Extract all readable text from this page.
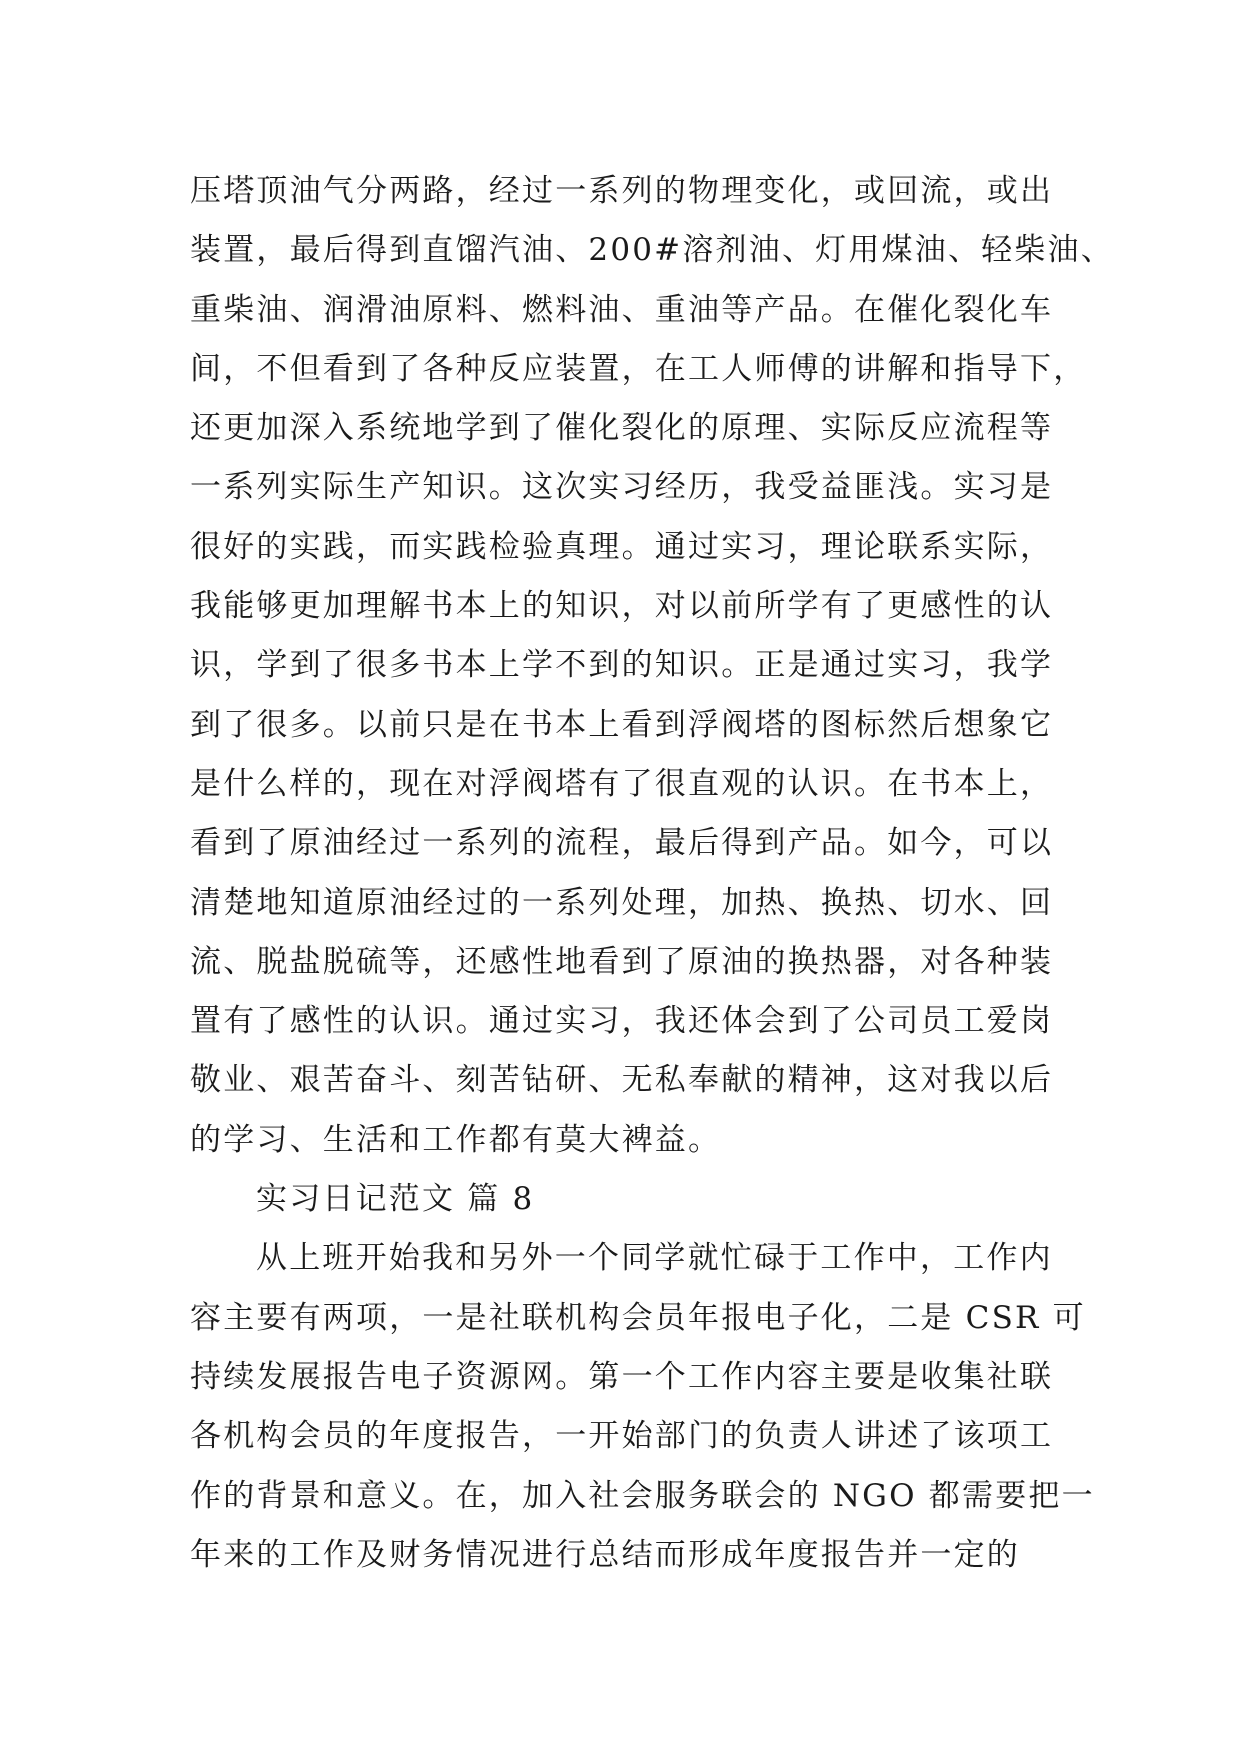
压塔顶油气分两路，经过一系列的物理变化，或回流，或出
装置，最后得到直馏汽油、200#溶剂油、灯用煤油、轻柴油、
重柴油、润滑油原料、燃料油、重油等产品。在催化裂化车
间，不但看到了各种反应装置，在工人师傅的讲解和指导下，
还更加深入系统地学到了催化裂化的原理、实际反应流程等
一系列实际生产知识。这次实习经历，我受益匪浅。实习是
很好的实践，而实践检验真理。通过实习，理论联系实际，
我能够更加理解书本上的知识，对以前所学有了更感性的认
识，学到了很多书本上学不到的知识。正是通过实习，我学
到了很多。以前只是在书本上看到浮阀塔的图标然后想象它
是什么样的，现在对浮阀塔有了很直观的认识。在书本上，
看到了原油经过一系列的流程，最后得到产品。如今，可以
清楚地知道原油经过的一系列处理，加热、换热、切水、回
流、脱盐脱硫等，还感性地看到了原油的换热器，对各种装
置有了感性的认识。通过实习，我还体会到了公司员工爱岗
敬业、艰苦奋斗、刻苦钻研、无私奉献的精神，这对我以后
的学习、生活和工作都有莫大裨益。
实习日记范文 篇 8
从上班开始我和另外一个同学就忙碌于工作中，工作内
容主要有两项，一是社联机构会员年报电子化，二是 CSR 可
持续发展报告电子资源网。第一个工作内容主要是收集社联
各机构会员的年度报告，一开始部门的负责人讲述了该项工
作的背景和意义。在，加入社会服务联会的 NGO 都需要把一
年来的工作及财务情况进行总结而形成年度报告并一定的
